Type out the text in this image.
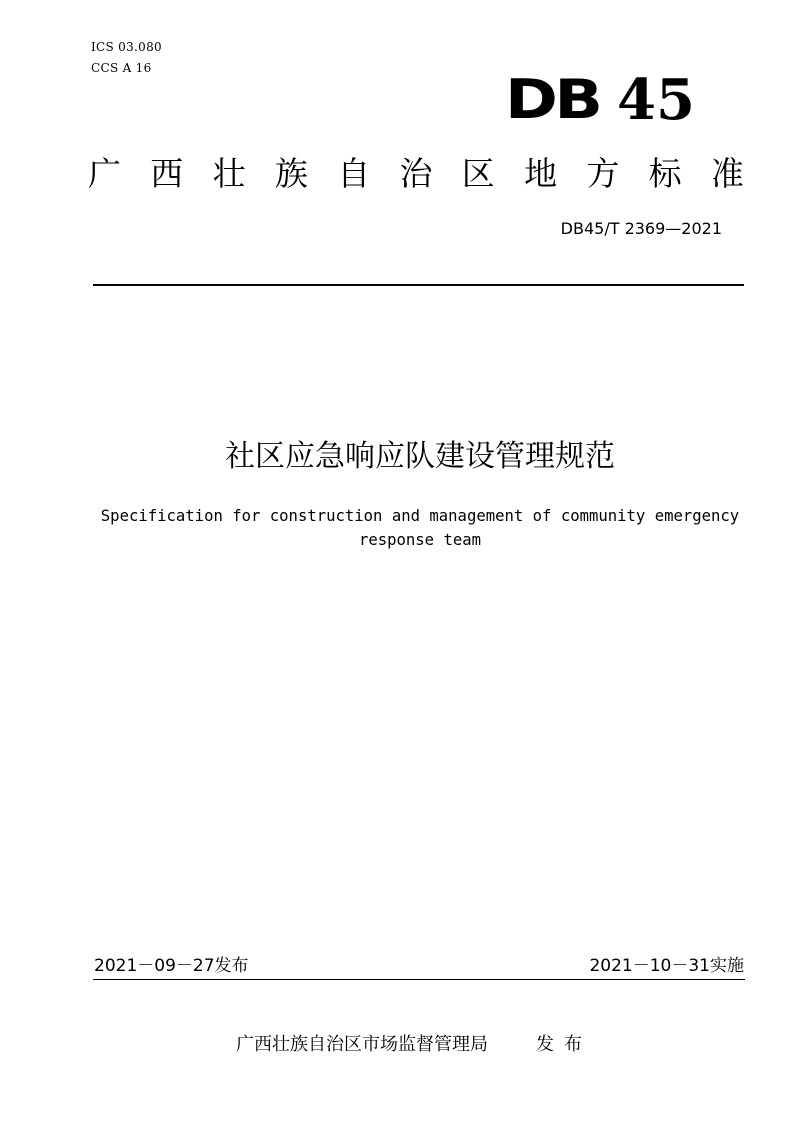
ICS 03.080
CCS A 16	DB 45
广 西 壮 族 自 治 区 地 方 标 准
DB45/T 2369—2021
社区应急响应队建设管理规范
Specification for construction and management of community emergency response team
2021－09－27发布	2021－10－31实施
广西壮族自治区市场监督管理局	发布
